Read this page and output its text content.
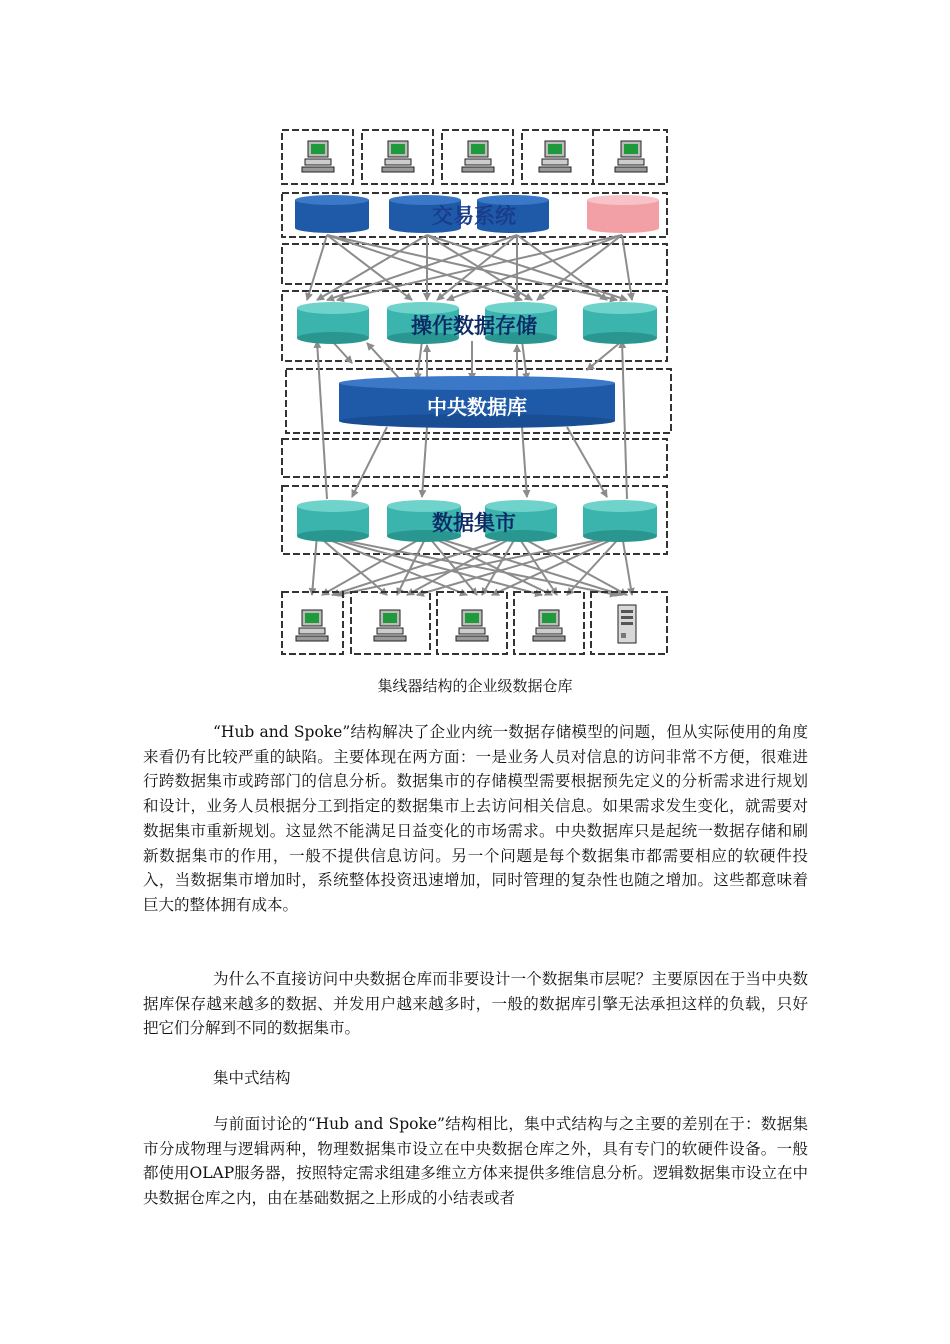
交易系统
操作数据存储
中央数据库
数据集市
集线器结构的企业级数据仓库

“Hub and Spoke”结构解决了企业内统一数据存储模型的问题，但从实际使用的角度来看仍有比较严重的缺陷。主要体现在两方面：一是业务人员对信息的访问非常不方便，很难进行跨数据集市或跨部门的信息分析。数据集市的存储模型需要根据预先定义的分析需求进行规划和设计，业务人员根据分工到指定的数据集市上去访问相关信息。如果需求发生变化，就需要对数据集市重新规划。这显然不能满足日益变化的市场需求。中央数据库只是起统一数据存储和刷新数据集市的作用，一般不提供信息访问。另一个问题是每个数据集市都需要相应的软硬件投入，当数据集市增加时，系统整体投资迅速增加，同时管理的复杂性也随之增加。这些都意味着巨大的整体拥有成本。

为什么不直接访问中央数据仓库而非要设计一个数据集市层呢？主要原因在于当中央数据库保存越来越多的数据、并发用户越来越多时，一般的数据库引擎无法承担这样的负载，只好把它们分解到不同的数据集市。

集中式结构

与前面讨论的“Hub and Spoke”结构相比，集中式结构与之主要的差别在于：数据集市分成物理与逻辑两种，物理数据集市设立在中央数据仓库之外，具有专门的软硬件设备。一般都使用OLAP服务器，按照特定需求组建多维立方体来提供多维信息分析。逻辑数据集市设立在中央数据仓库之内，由在基础数据之上形成的小结表或者
